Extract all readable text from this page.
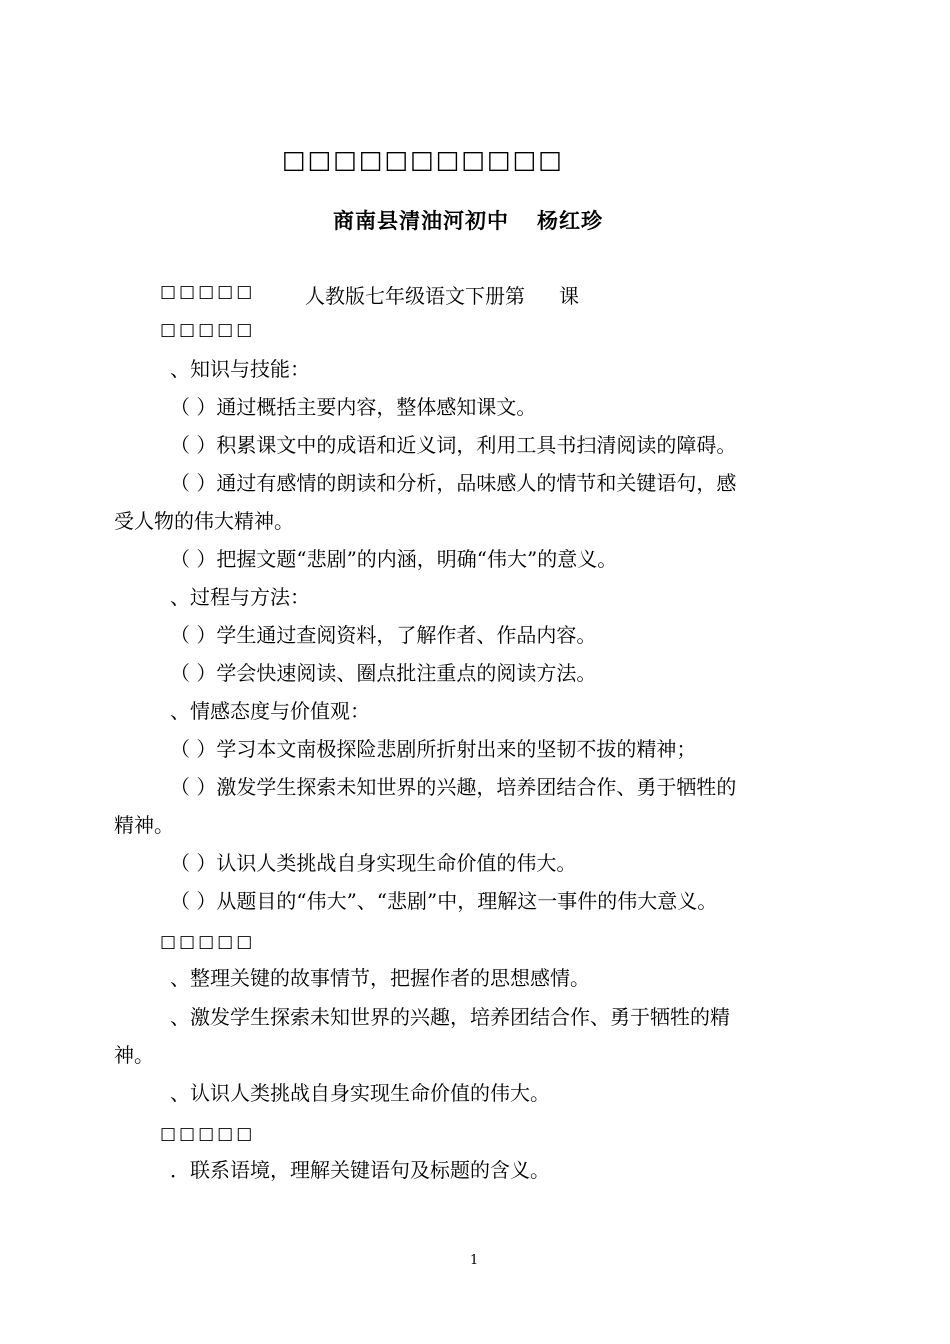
□□□□□□□□□□□
商南县清油河初中 杨红珍
□□□□□ 人教版七年级语文下册第 课
□□□□□
、知识与技能：
（ ）通过概括主要内容，整体感知课文。
（ ）积累课文中的成语和近义词，利用工具书扫清阅读的障碍。
（ ）通过有感情的朗读和分析，品味感人的情节和关键语句，感
受人物的伟大精神。
（ ）把握文题“悲剧”的内涵，明确“伟大”的意义。
、过程与方法：
（ ）学生通过查阅资料，了解作者、作品内容。
（ ）学会快速阅读、圈点批注重点的阅读方法。
、情感态度与价值观：
（ ）学习本文南极探险悲剧所折射出来的坚韧不拔的精神；
（ ）激发学生探索未知世界的兴趣，培养团结合作、勇于牺牲的
精神。
（ ）认识人类挑战自身实现生命价值的伟大。
（ ）从题目的“伟大”、“悲剧”中，理解这一事件的伟大意义。
□□□□□
、整理关键的故事情节，把握作者的思想感情。
、激发学生探索未知世界的兴趣，培养团结合作、勇于牺牲的精
神。
、认识人类挑战自身实现生命价值的伟大。
□□□□□
．联系语境，理解关键语句及标题的含义。
1
